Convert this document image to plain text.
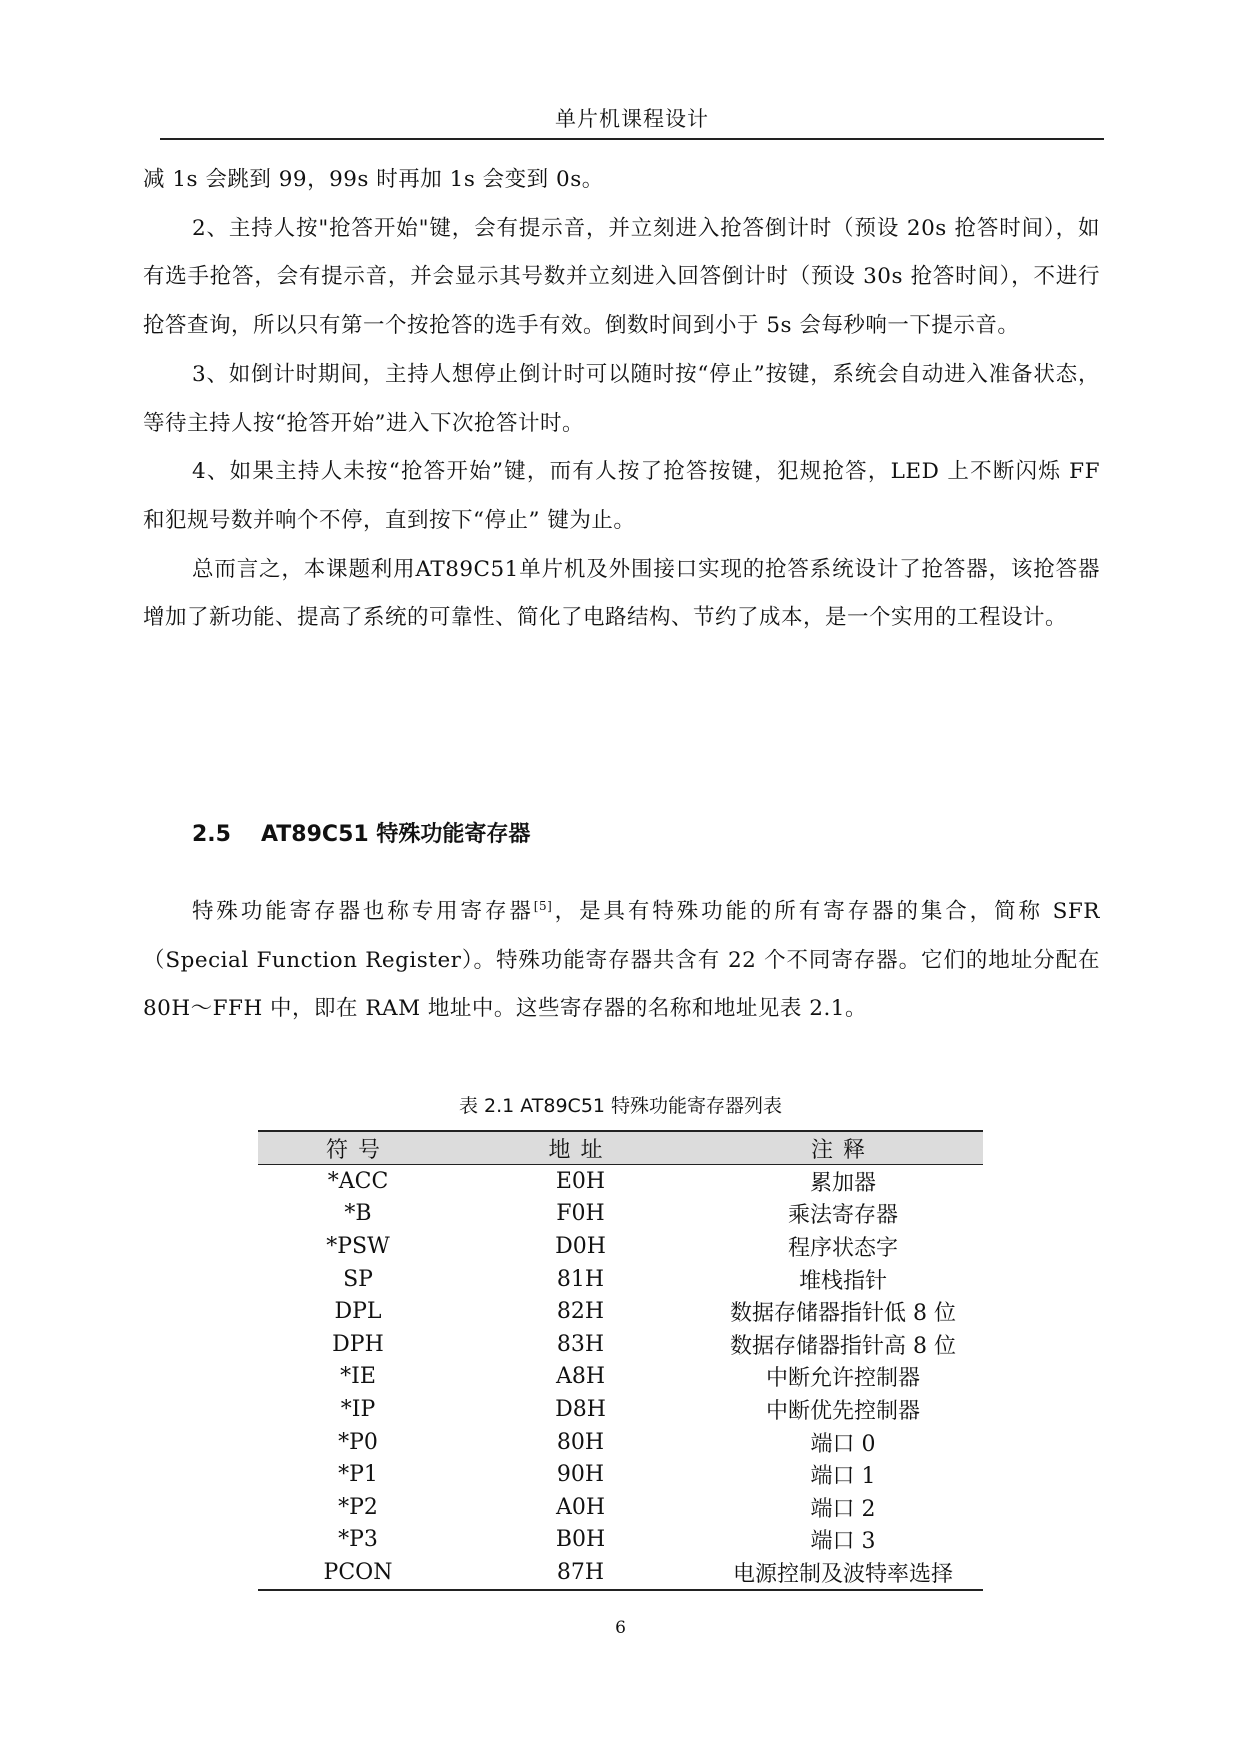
单片机课程设计

减 1s 会跳到 99，99s 时再加 1s 会变到 0s。

2、主持人按"抢答开始"键，会有提示音，并立刻进入抢答倒计时（预设 20s 抢答时间），如有选手抢答，会有提示音，并会显示其号数并立刻进入回答倒计时（预设 30s 抢答时间），不进行抢答查询，所以只有第一个按抢答的选手有效。倒数时间到小于 5s 会每秒响一下提示音。

3、如倒计时期间，主持人想停止倒计时可以随时按“停止”按键，系统会自动进入准备状态，等待主持人按“抢答开始”进入下次抢答计时。

4、如果主持人未按“抢答开始”键，而有人按了抢答按键，犯规抢答，LED 上不断闪烁 FF 和犯规号数并响个不停，直到按下“停止” 键为止。

总而言之，本课题利用AT89C51单片机及外围接口实现的抢答系统设计了抢答器，该抢答器增加了新功能、提高了系统的可靠性、简化了电路结构、节约了成本，是一个实用的工程设计。

2.5 AT89C51 特殊功能寄存器

特殊功能寄存器也称专用寄存器[5]，是具有特殊功能的所有寄存器的集合，简称 SFR（Special Function Register）。特殊功能寄存器共含有 22 个不同寄存器。它们的地址分配在 80H～FFH 中，即在 RAM 地址中。这些寄存器的名称和地址见表 2.1。

表 2.1 AT89C51 特殊功能寄存器列表
符号	地址	注释
*ACC	E0H	累加器
*B	F0H	乘法寄存器
*PSW	D0H	程序状态字
SP	81H	堆栈指针
DPL	82H	数据存储器指针低 8 位
DPH	83H	数据存储器指针高 8 位
*IE	A8H	中断允许控制器
*IP	D8H	中断优先控制器
*P0	80H	端口 0
*P1	90H	端口 1
*P2	A0H	端口 2
*P3	B0H	端口 3
PCON	87H	电源控制及波特率选择
6
